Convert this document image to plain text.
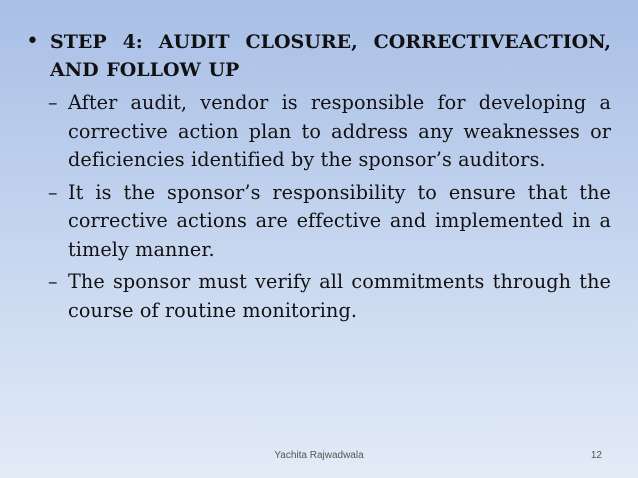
• STEP 4: AUDIT CLOSURE, CORRECTIVEACTION, AND FOLLOW UP
– After audit, vendor is responsible for developing a corrective action plan to address any weaknesses or deficiencies identified by the sponsor’s auditors.
– It is the sponsor’s responsibility to ensure that the corrective actions are effective and implemented in a timely manner.
– The sponsor must verify all commitments through the course of routine monitoring.
Yachita Rajwadwala	12
